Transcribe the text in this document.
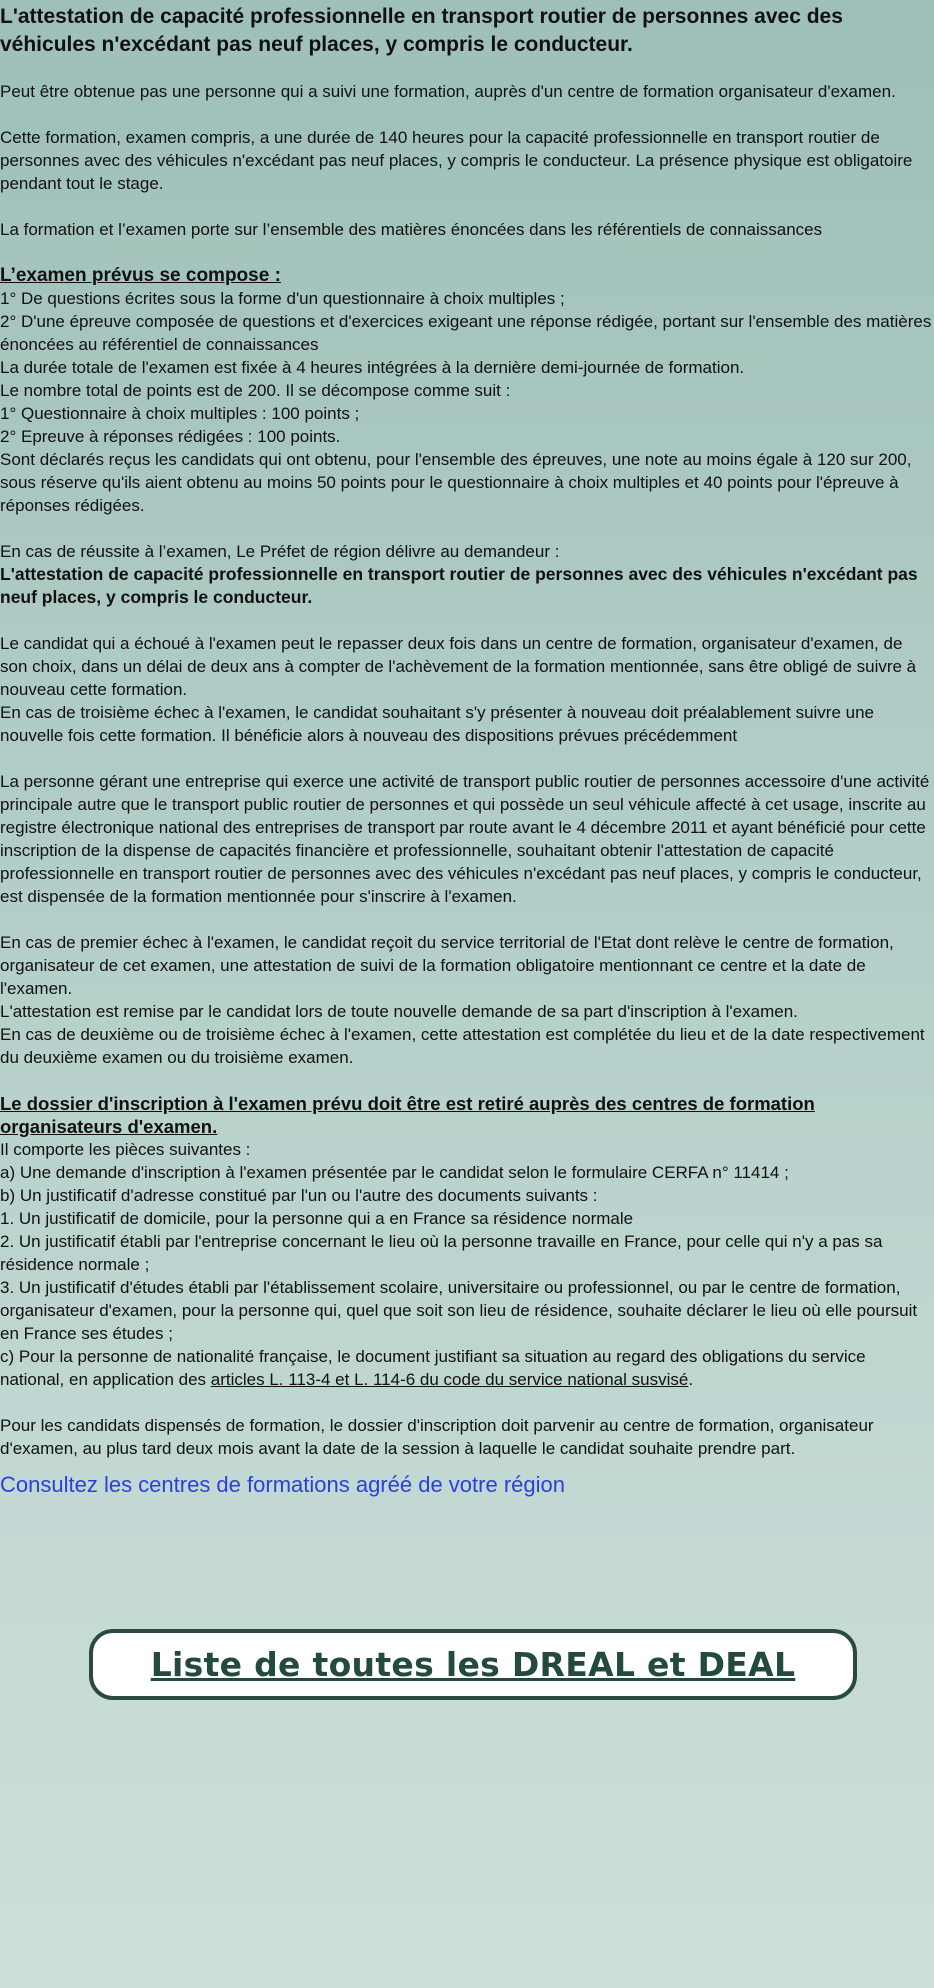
L'attestation de capacité professionnelle en transport routier de personnes avec des véhicules n'excédant pas neuf places, y compris le conducteur.

Peut être obtenue pas une personne qui a suivi une formation, auprès d'un centre de formation organisateur d'examen.

Cette formation, examen compris, a une durée de 140 heures pour la capacité professionnelle en transport routier de personnes avec des véhicules n'excédant pas neuf places, y compris le conducteur. La présence physique est obligatoire pendant tout le stage.

La formation et l’examen porte sur l’ensemble des matières énoncées dans les référentiels de connaissances

L’examen prévus se compose :

1° De questions écrites sous la forme d'un questionnaire à choix multiples ;

2° D'une épreuve composée de questions et d'exercices exigeant une réponse rédigée, portant sur l'ensemble des matières énoncées au référentiel de connaissances

La durée totale de l'examen est fixée à 4 heures intégrées à la dernière demi-journée de formation.

Le nombre total de points est de 200. Il se décompose comme suit :

1° Questionnaire à choix multiples : 100 points ;

2° Epreuve à réponses rédigées : 100 points.

Sont déclarés reçus les candidats qui ont obtenu, pour l'ensemble des épreuves, une note au moins égale à 120 sur 200, sous réserve qu'ils aient obtenu au moins 50 points pour le questionnaire à choix multiples et 40 points pour l'épreuve à réponses rédigées.

En cas de réussite à l’examen, Le Préfet de région délivre au demandeur :

L'attestation de capacité professionnelle en transport routier de personnes avec des véhicules n'excédant pas neuf places, y compris le conducteur.

Le candidat qui a échoué à l'examen peut le repasser deux fois dans un centre de formation, organisateur d'examen, de son choix, dans un délai de deux ans à compter de l'achèvement de la formation mentionnée, sans être obligé de suivre à nouveau cette formation.

En cas de troisième échec à l'examen, le candidat souhaitant s'y présenter à nouveau doit préalablement suivre une nouvelle fois cette formation. Il bénéficie alors à nouveau des dispositions prévues précédemment

La personne gérant une entreprise qui exerce une activité de transport public routier de personnes accessoire d'une activité principale autre que le transport public routier de personnes et qui possède un seul véhicule affecté à cet usage, inscrite au registre électronique national des entreprises de transport par route avant le 4 décembre 2011 et ayant bénéficié pour cette inscription de la dispense de capacités financière et professionnelle, souhaitant obtenir l'attestation de capacité professionnelle en transport routier de personnes avec des véhicules n'excédant pas neuf places, y compris le conducteur, est dispensée de la formation mentionnée pour s'inscrire à l'examen.

En cas de premier échec à l'examen, le candidat reçoit du service territorial de l'Etat dont relève le centre de formation, organisateur de cet examen, une attestation de suivi de la formation obligatoire mentionnant ce centre et la date de l'examen.

L'attestation est remise par le candidat lors de toute nouvelle demande de sa part d'inscription à l'examen.

En cas de deuxième ou de troisième échec à l'examen, cette attestation est complétée du lieu et de la date respectivement du deuxième examen ou du troisième examen.

Le dossier d'inscription à l'examen prévu doit être est retiré auprès des centres de formation organisateurs d'examen.

Il comporte les pièces suivantes :

a) Une demande d'inscription à l'examen présentée par le candidat selon le formulaire CERFA n° 11414 ;

b) Un justificatif d'adresse constitué par l'un ou l'autre des documents suivants :

1. Un justificatif de domicile, pour la personne qui a en France sa résidence normale

2. Un justificatif établi par l'entreprise concernant le lieu où la personne travaille en France, pour celle qui n'y a pas sa résidence normale ;

3. Un justificatif d'études établi par l'établissement scolaire, universitaire ou professionnel, ou par le centre de formation, organisateur d'examen, pour la personne qui, quel que soit son lieu de résidence, souhaite déclarer le lieu où elle poursuit en France ses études ;

c) Pour la personne de nationalité française, le document justifiant sa situation au regard des obligations du service national, en application des articles L. 113-4 et L. 114-6 du code du service national susvisé.

Pour les candidats dispensés de formation, le dossier d'inscription doit parvenir au centre de formation, organisateur d'examen, au plus tard deux mois avant la date de la session à laquelle le candidat souhaite prendre part.

Consultez les centres de formations agréé de votre région

Liste de toutes les DREAL et DEAL
